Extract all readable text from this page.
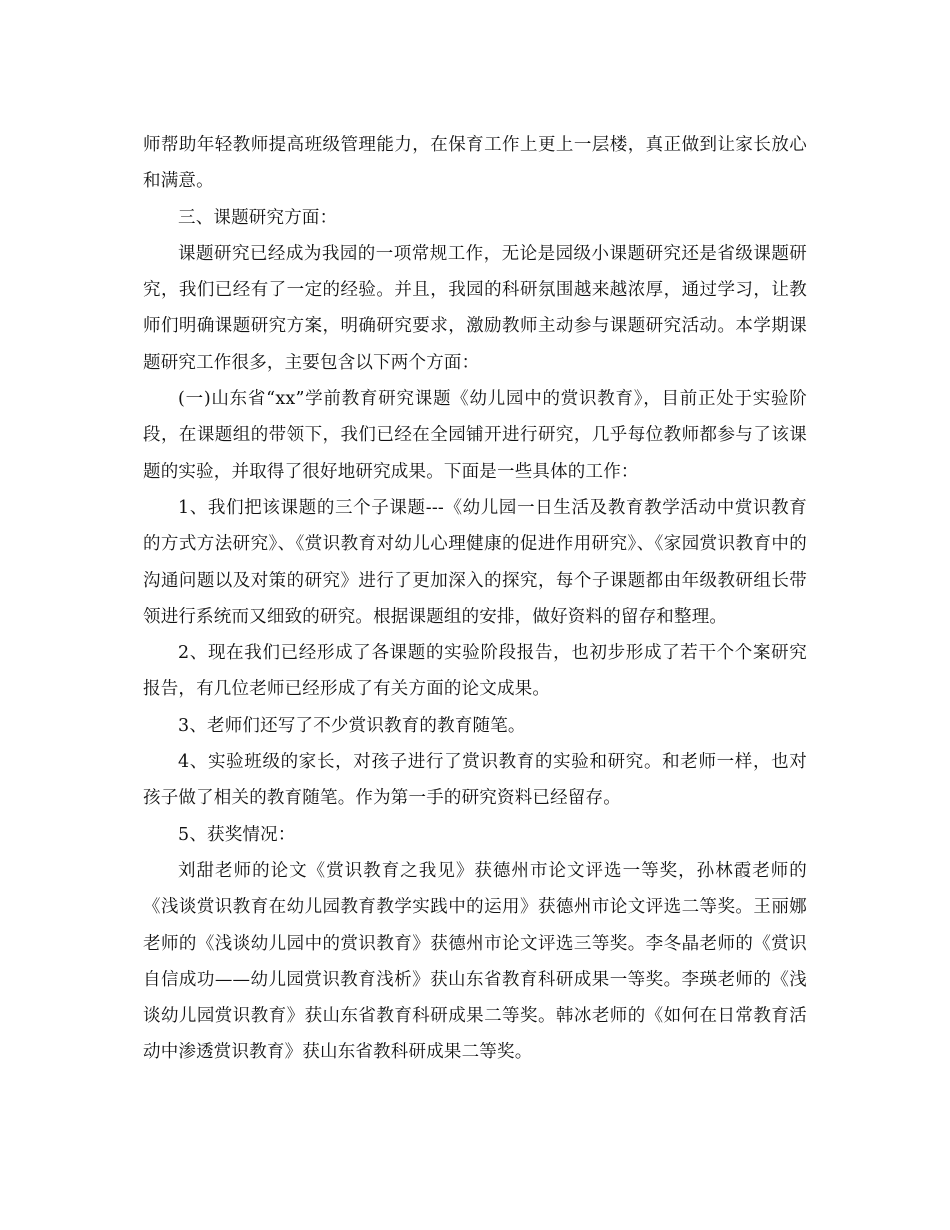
师帮助年轻教师提高班级管理能力，在保育工作上更上一层楼，真正做到让家长放心和满意。

三、课题研究方面：

课题研究已经成为我园的一项常规工作，无论是园级小课题研究还是省级课题研究，我们已经有了一定的经验。并且，我园的科研氛围越来越浓厚，通过学习，让教师们明确课题研究方案，明确研究要求，激励教师主动参与课题研究活动。本学期课题研究工作很多，主要包含以下两个方面：

(一)山东省“xx”学前教育研究课题《幼儿园中的赏识教育》，目前正处于实验阶段，在课题组的带领下，我们已经在全园铺开进行研究，几乎每位教师都参与了该课题的实验，并取得了很好地研究成果。下面是一些具体的工作：

1、我们把该课题的三个子课题---《幼儿园一日生活及教育教学活动中赏识教育的方式方法研究》、《赏识教育对幼儿心理健康的促进作用研究》、《家园赏识教育中的沟通问题以及对策的研究》进行了更加深入的探究，每个子课题都由年级教研组长带领进行系统而又细致的研究。根据课题组的安排，做好资料的留存和整理。

2、现在我们已经形成了各课题的实验阶段报告，也初步形成了若干个个案研究报告，有几位老师已经形成了有关方面的论文成果。

3、老师们还写了不少赏识教育的教育随笔。

4、实验班级的家长，对孩子进行了赏识教育的实验和研究。和老师一样，也对孩子做了相关的教育随笔。作为第一手的研究资料已经留存。

5、获奖情况：

刘甜老师的论文《赏识教育之我见》获德州市论文评选一等奖，孙林霞老师的《浅谈赏识教育在幼儿园教育教学实践中的运用》获德州市论文评选二等奖。王丽娜老师的《浅谈幼儿园中的赏识教育》获德州市论文评选三等奖。李冬晶老师的《赏识自信成功——幼儿园赏识教育浅析》获山东省教育科研成果一等奖。李瑛老师的《浅谈幼儿园赏识教育》获山东省教育科研成果二等奖。韩冰老师的《如何在日常教育活动中渗透赏识教育》获山东省教科研成果二等奖。
